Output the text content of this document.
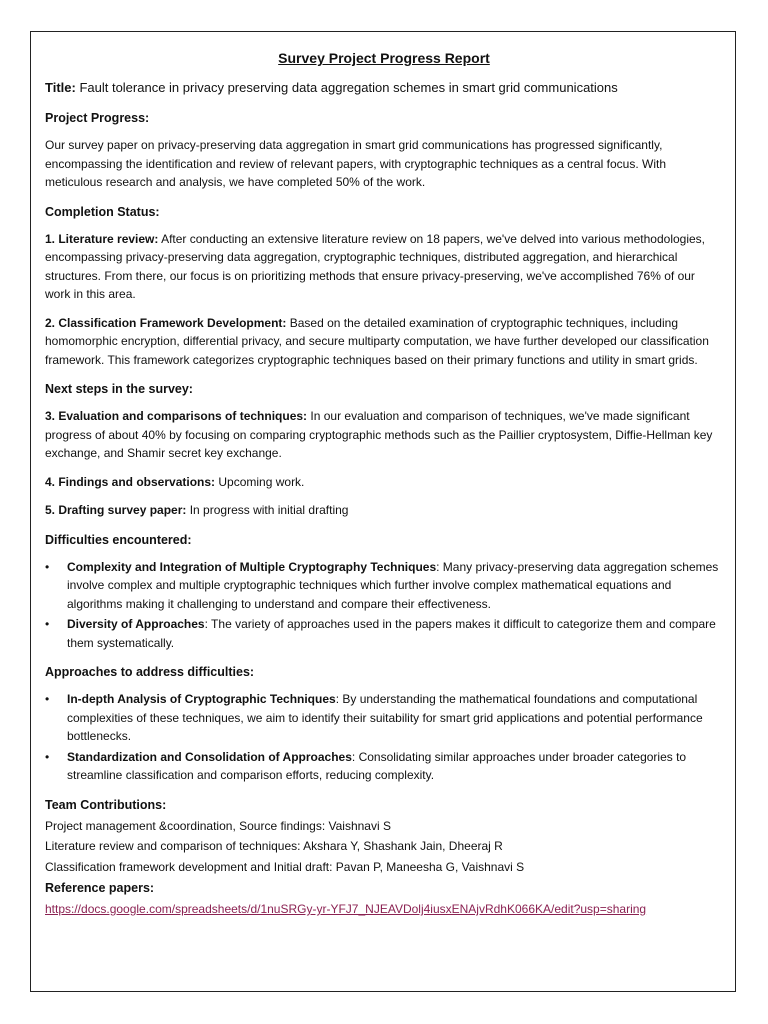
Survey Project Progress Report
Title: Fault tolerance in privacy preserving data aggregation schemes in smart grid communications
Project Progress:

Our survey paper on privacy-preserving data aggregation in smart grid communications has progressed significantly, encompassing the identification and review of relevant papers, with cryptographic techniques as a central focus. With meticulous research and analysis, we have completed 50% of the work.

Completion Status:

1. Literature review: After conducting an extensive literature review on 18 papers, we've delved into various methodologies, encompassing privacy-preserving data aggregation, cryptographic techniques, distributed aggregation, and hierarchical structures. From there, our focus is on prioritizing methods that ensure privacy-preserving, we've accomplished 76% of our work in this area.

2. Classification Framework Development: Based on the detailed examination of cryptographic techniques, including homomorphic encryption, differential privacy, and secure multiparty computation, we have further developed our classification framework. This framework categorizes cryptographic techniques based on their primary functions and utility in smart grids.

Next steps in the survey:

3. Evaluation and comparisons of techniques: In our evaluation and comparison of techniques, we've made significant progress of about 40% by focusing on comparing cryptographic methods such as the Paillier cryptosystem, Diffie-Hellman key exchange, and Shamir secret key exchange.

4. Findings and observations: Upcoming work.

5. Drafting survey paper: In progress with initial drafting

Difficulties encountered:
• Complexity and Integration of Multiple Cryptography Techniques: Many privacy-preserving data aggregation schemes involve complex and multiple cryptographic techniques which further involve complex mathematical equations and algorithms making it challenging to understand and compare their effectiveness.
• Diversity of Approaches: The variety of approaches used in the papers makes it difficult to categorize them and compare them systematically.
Approaches to address difficulties:
• In-depth Analysis of Cryptographic Techniques: By understanding the mathematical foundations and computational complexities of these techniques, we aim to identify their suitability for smart grid applications and potential performance bottlenecks.
• Standardization and Consolidation of Approaches: Consolidating similar approaches under broader categories to streamline classification and comparison efforts, reducing complexity.
Team Contributions:
Project management &coordination, Source findings: Vaishnavi S
Literature review and comparison of techniques: Akshara Y, Shashank Jain, Dheeraj R
Classification framework development and Initial draft: Pavan P, Maneesha G, Vaishnavi S
Reference papers:
https://docs.google.com/spreadsheets/d/1nuSRGy-yr-YFJ7_NJEAVDolj4iusxENAjvRdhK066KA/edit?usp=sharing
